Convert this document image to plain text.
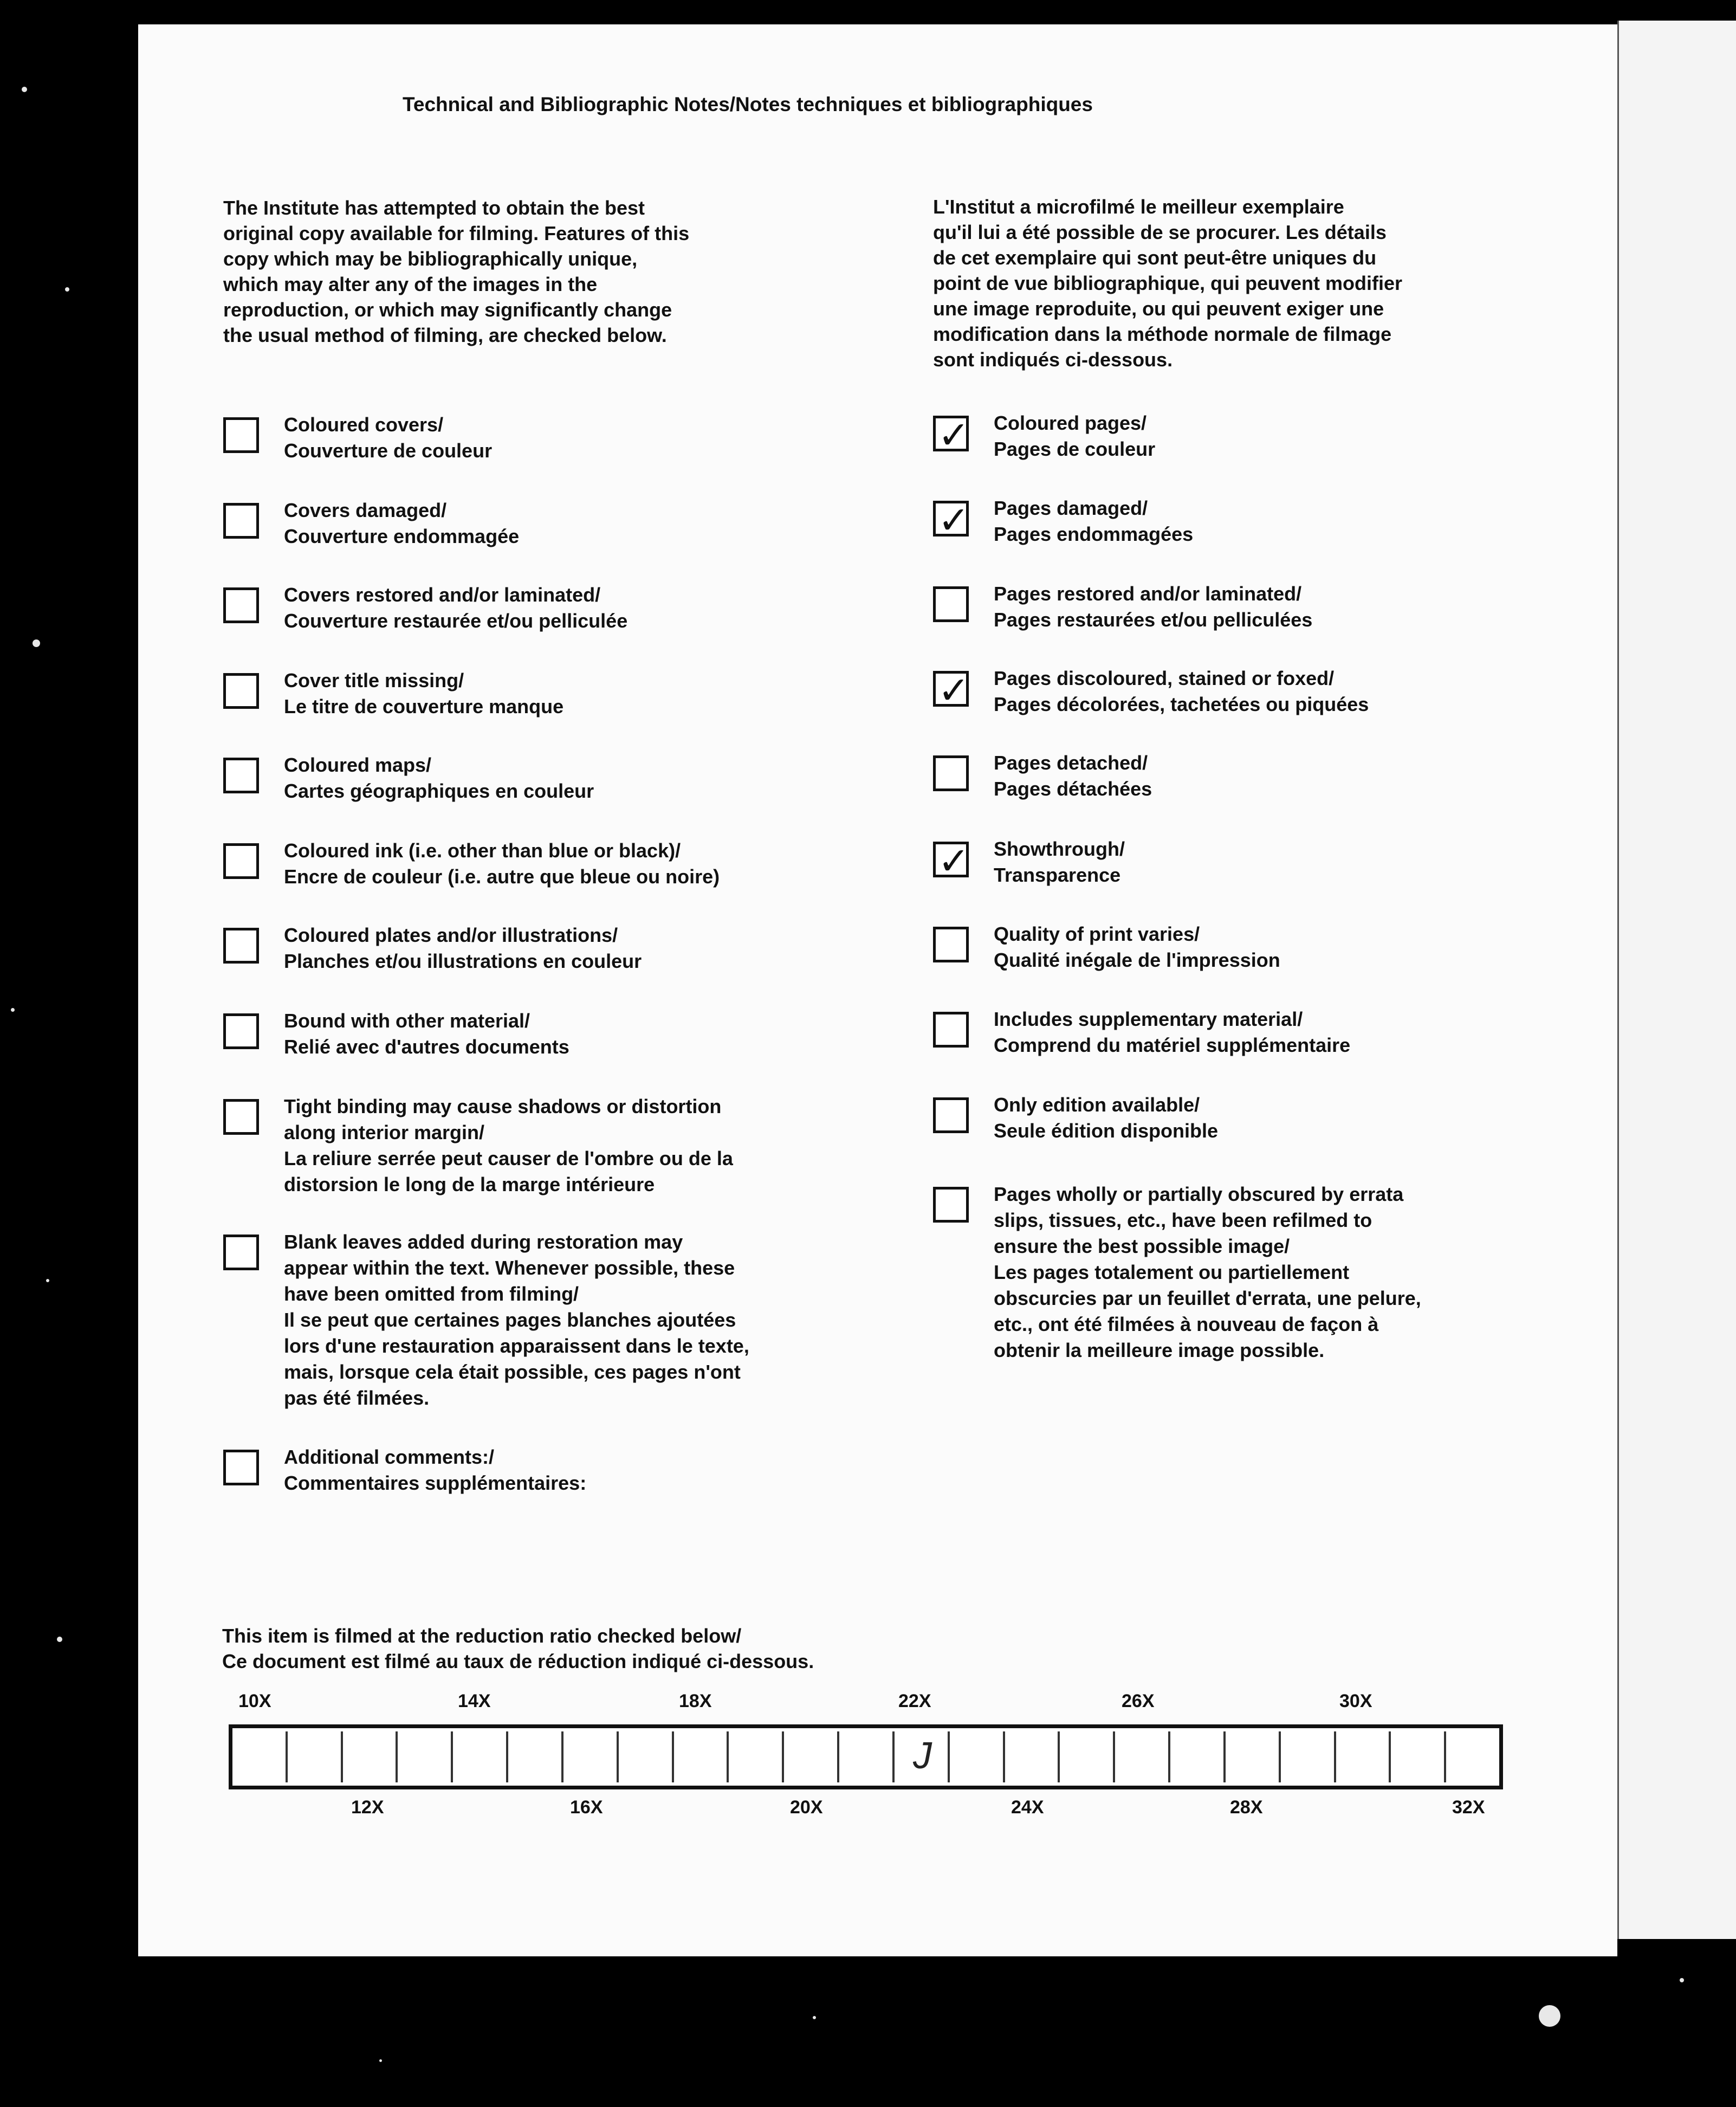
Technical and Bibliographic Notes/Notes techniques et bibliographiques

The Institute has attempted to obtain the best
original copy available for filming. Features of this
copy which may be bibliographically unique,
which may alter any of the images in the
reproduction, or which may significantly change
the usual method of filming, are checked below.

L'Institut a microfilmé le meilleur exemplaire
qu'il lui a été possible de se procurer. Les détails
de cet exemplaire qui sont peut-être uniques du
point de vue bibliographique, qui peuvent modifier
une image reproduite, ou qui peuvent exiger une
modification dans la méthode normale de filmage
sont indiqués ci-dessous.

Coloured covers/
Couverture de couleur
Covers damaged/
Couverture endommagée
Covers restored and/or laminated/
Couverture restaurée et/ou pelliculée
Cover title missing/
Le titre de couverture manque
Coloured maps/
Cartes géographiques en couleur
Coloured ink (i.e. other than blue or black)/
Encre de couleur (i.e. autre que bleue ou noire)
Coloured plates and/or illustrations/
Planches et/ou illustrations en couleur
Bound with other material/
Relié avec d'autres documents
Tight binding may cause shadows or distortion
along interior margin/
La reliure serrée peut causer de l'ombre ou de la
distorsion le long de la marge intérieure
Blank leaves added during restoration may
appear within the text. Whenever possible, these
have been omitted from filming/
Il se peut que certaines pages blanches ajoutées
lors d'une restauration apparaissent dans le texte,
mais, lorsque cela était possible, ces pages n'ont
pas été filmées.
Additional comments:/
Commentaires supplémentaires:
✓ Coloured pages/
Pages de couleur
✓ Pages damaged/
Pages endommagées
Pages restored and/or laminated/
Pages restaurées et/ou pelliculées
✓ Pages discoloured, stained or foxed/
Pages décolorées, tachetées ou piquées
Pages detached/
Pages détachées
✓ Showthrough/
Transparence
Quality of print varies/
Qualité inégale de l'impression
Includes supplementary material/
Comprend du matériel supplémentaire
Only edition available/
Seule édition disponible
Pages wholly or partially obscured by errata
slips, tissues, etc., have been refilmed to
ensure the best possible image/
Les pages totalement ou partiellement
obscurcies par un feuillet d'errata, une pelure,
etc., ont été filmées à nouveau de façon à
obtenir la meilleure image possible.
This item is filmed at the reduction ratio checked below/
Ce document est filmé au taux de réduction indiqué ci-dessous.
10X	14X	18X	22X	26X	30X
12X	16X	20X	24X	28X	32X
J
